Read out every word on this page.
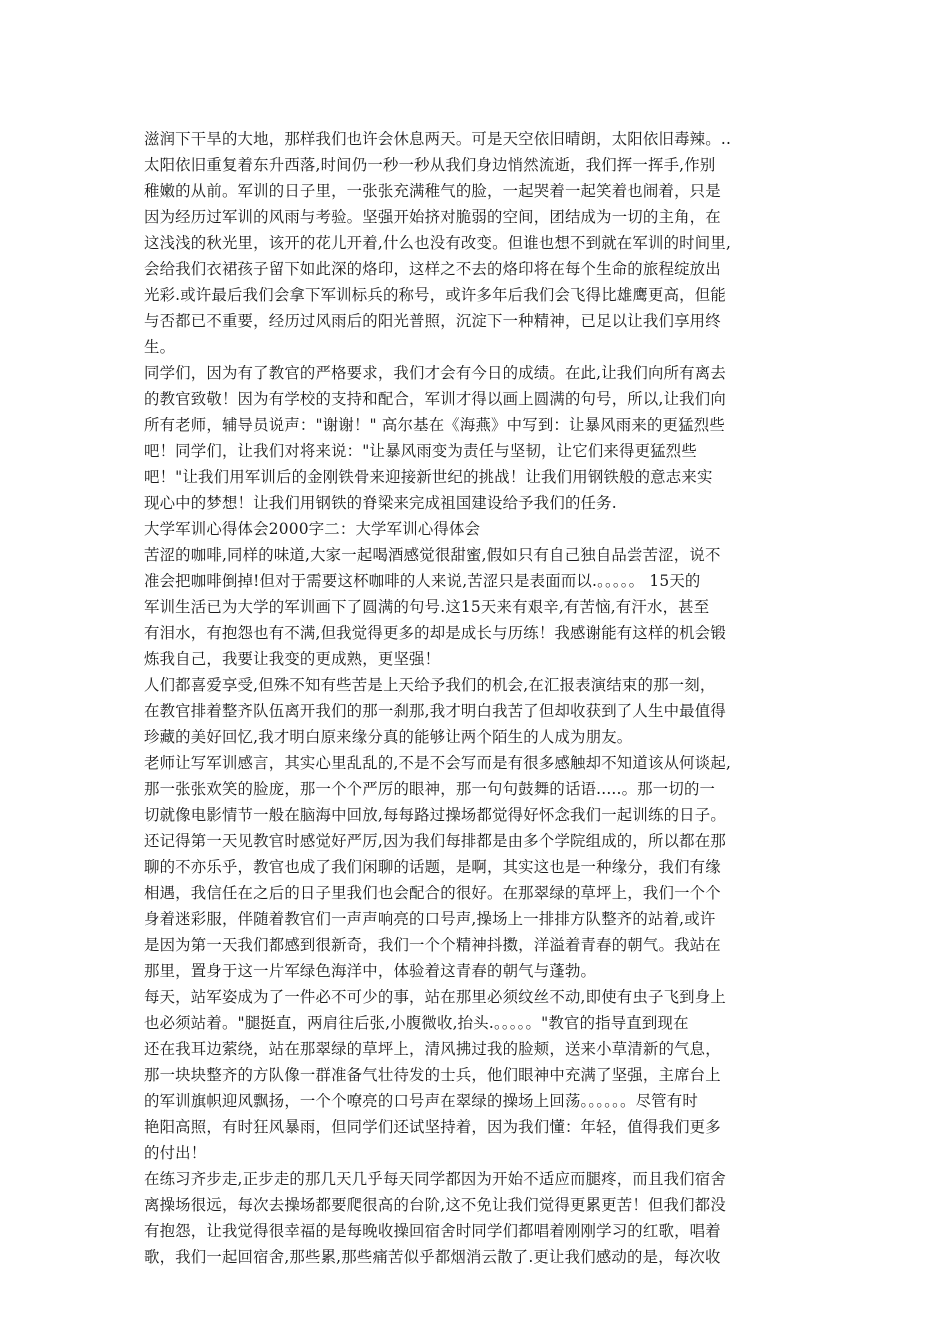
滋润下干旱的大地，那样我们也许会休息两天。可是天空依旧晴朗，太阳依旧毒辣。..
太阳依旧重复着东升西落,时间仍一秒一秒从我们身边悄然流逝，我们挥一挥手,作别
稚嫩的从前。军训的日子里，一张张充满稚气的脸，一起哭着一起笑着也闹着，只是
因为经历过军训的风雨与考验。坚强开始挤对脆弱的空间，团结成为一切的主角，在
这浅浅的秋光里，该开的花儿开着,什么也没有改变。但谁也想不到就在军训的时间里,
会给我们衣裙孩子留下如此深的烙印，这样之不去的烙印将在每个生命的旅程绽放出
光彩.或许最后我们会拿下军训标兵的称号，或许多年后我们会飞得比雄鹰更高，但能
与否都已不重要，经历过风雨后的阳光普照，沉淀下一种精神，已足以让我们享用终
生。
同学们，因为有了教官的严格要求，我们才会有今日的成绩。在此,让我们向所有离去
的教官致敬！因为有学校的支持和配合，军训才得以画上圆满的句号，所以,让我们向
所有老师，辅导员说声："谢谢！" 高尔基在《海燕》中写到：让暴风雨来的更猛烈些
吧！同学们，让我们对将来说："让暴风雨变为责任与坚韧，让它们来得更猛烈些
吧！"让我们用军训后的金刚铁骨来迎接新世纪的挑战！让我们用钢铁般的意志来实
现心中的梦想！让我们用钢铁的脊梁来完成祖国建设给予我们的任务.
大学军训心得体会2000字二：大学军训心得体会
苦涩的咖啡,同样的味道,大家一起喝酒感觉很甜蜜,假如只有自己独自品尝苦涩，说不
准会把咖啡倒掉!但对于需要这杯咖啡的人来说,苦涩只是表面而以.。。。。。 15天的
军训生活已为大学的军训画下了圆满的句号.这15天来有艰辛,有苦恼,有汗水，甚至
有泪水，有抱怨也有不满,但我觉得更多的却是成长与历练！我感谢能有这样的机会锻
炼我自己，我要让我变的更成熟，更坚强！
人们都喜爱享受,但殊不知有些苦是上天给予我们的机会,在汇报表演结束的那一刻，
在教官排着整齐队伍离开我们的那一刹那,我才明白我苦了但却收获到了人生中最值得
珍藏的美好回忆,我才明白原来缘分真的能够让两个陌生的人成为朋友。
老师让写军训感言，其实心里乱乱的,不是不会写而是有很多感触却不知道该从何谈起,
那一张张欢笑的脸庞，那一个个严厉的眼神，那一句句鼓舞的话语.....。那一切的一
切就像电影情节一般在脑海中回放,每每路过操场都觉得好怀念我们一起训练的日子。
还记得第一天见教官时感觉好严厉,因为我们每排都是由多个学院组成的，所以都在那
聊的不亦乐乎，教官也成了我们闲聊的话题，是啊，其实这也是一种缘分，我们有缘
相遇，我信任在之后的日子里我们也会配合的很好。在那翠绿的草坪上，我们一个个
身着迷彩服，伴随着教官们一声声响亮的口号声,操场上一排排方队整齐的站着,或许
是因为第一天我们都感到很新奇，我们一个个精神抖擞，洋溢着青春的朝气。我站在
那里，置身于这一片军绿色海洋中，体验着这青春的朝气与蓬勃。
每天，站军姿成为了一件必不可少的事，站在那里必须纹丝不动,即使有虫子飞到身上
也必须站着。"腿挺直，两肩往后张,小腹微收,抬头.。。。。。"教官的指导直到现在
还在我耳边萦绕，站在那翠绿的草坪上，清风拂过我的脸颊，送来小草清新的气息，
那一块块整齐的方队像一群准备气壮待发的士兵，他们眼神中充满了坚强，主席台上
的军训旗帜迎风飘扬，一个个嘹亮的口号声在翠绿的操场上回荡。。。。。。尽管有时
艳阳高照，有时狂风暴雨，但同学们还试坚持着，因为我们懂：年轻，值得我们更多
的付出！
在练习齐步走,正步走的那几天几乎每天同学都因为开始不适应而腿疼，而且我们宿舍
离操场很远，每次去操场都要爬很高的台阶,这不免让我们觉得更累更苦！但我们都没
有抱怨，让我觉得很幸福的是每晚收操回宿舍时同学们都唱着刚刚学习的红歌，唱着
歌，我们一起回宿舍,那些累,那些痛苦似乎都烟消云散了.更让我们感动的是，每次收
